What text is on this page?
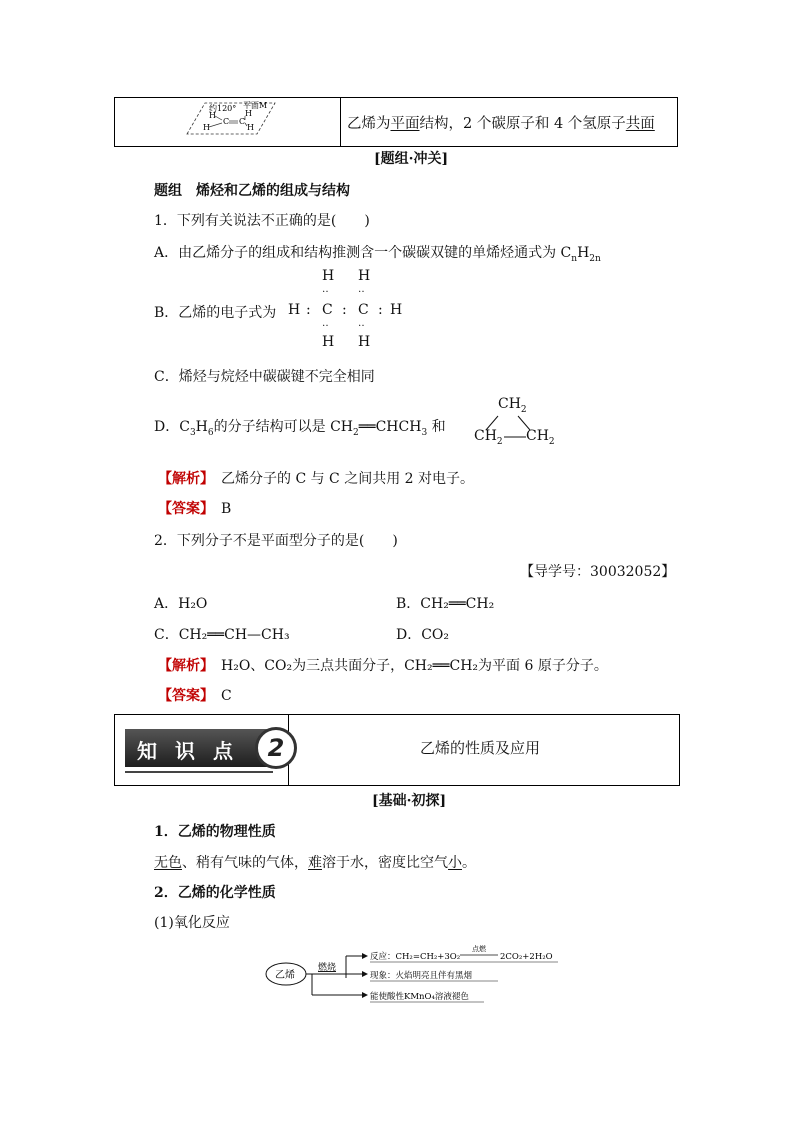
约120° 平面M
C C
H
H
H
H	乙烯为平面结构，2 个碳原子和 4 个氢原子共面
[题组·冲关]
题组　烯烃和乙烯的组成与结构
1．下列有关说法不正确的是(　　)
A．由乙烯分子的组成和结构推测含一个碳碳双键的单烯烃通式为 $C_nH_{2n}$
B．乙烯的电子式为
H H
‥	‥
H : C : C : H
‥	‥
H H
C．烯烃与烷烃中碳碳键不完全相同
D．$C_3H_6$的分子结构可以是 $CH_2══CHCH_3$ 和
$CH_2$
$CH_2$ $CH_2$
【解析】　 乙烯分子的 C 与 C 之间共用 2 对电子。
【答案】　 B
2．下列分子不是平面型分子的是(　　)
【导学号：30032052】
A．H₂O	B．CH₂══CH₂
C．CH₂══CH—CH₃	D．CO₂
【解析】　 H₂O、CO₂为三点共面分子，CH₂══CH₂为平面 6 原子分子。
【答案】　 C
知识点 2	乙烯的性质及应用
[基础·初探]
1．乙烯的物理性质
无色、稍有气味的气体，难溶于水，密度比空气小。
2．乙烯的化学性质
(1)氧化反应
乙烯
燃烧
反应：CH₂=CH₂+3O₂
点燃
2CO₂+2H₂O
现象：火焰明亮且伴有黑烟
能使酸性KMnO₄溶液褪色
